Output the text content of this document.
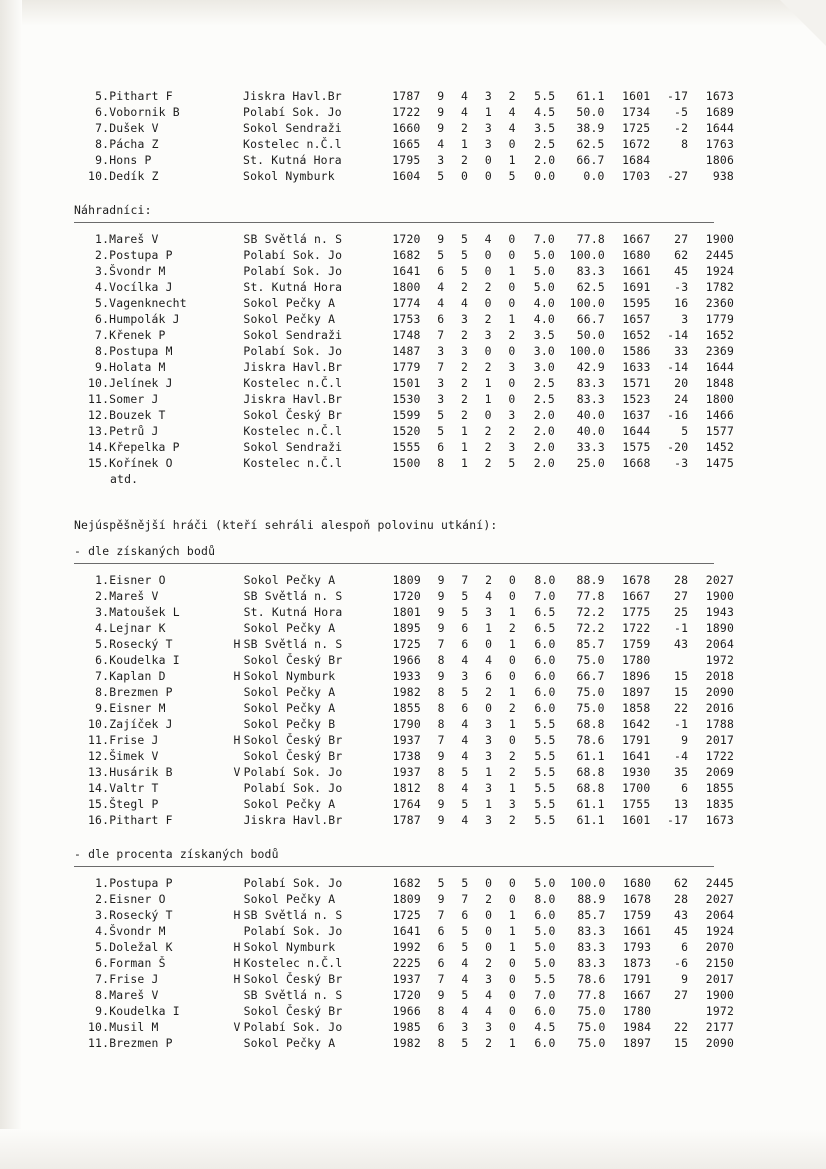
5	.	Pithart F		Jiskra Havl.Br	1787	9	4	3	2	5.5	61.1	1601	-17	1673
6	.	Vobornik B		Polabí Sok. Jo	1722	9	4	1	4	4.5	50.0	1734	-5	1689
7	.	Dušek V		Sokol Sendraži	1660	9	2	3	4	3.5	38.9	1725	-2	1644
8	.	Pácha Z		Kostelec n.Č.l	1665	4	1	3	0	2.5	62.5	1672	8	1763
9	.	Hons P		St. Kutná Hora	1795	3	2	0	1	2.0	66.7	1684		1806
10	.	Dedík Z		Sokol Nymburk	1604	5	0	0	5	0.0	0.0	1703	-27	938

Náhradníci:

1	.	Mareš V		SB Světlá n. S	1720	9	5	4	0	7.0	77.8	1667	27	1900
2	.	Postupa P		Polabí Sok. Jo	1682	5	5	0	0	5.0	100.0	1680	62	2445
3	.	Švondr M		Polabí Sok. Jo	1641	6	5	0	1	5.0	83.3	1661	45	1924
4	.	Vocílka J		St. Kutná Hora	1800	4	2	2	0	5.0	62.5	1691	-3	1782
5	.	Vagenknecht		Sokol Pečky A	1774	4	4	0	0	4.0	100.0	1595	16	2360
6	.	Humpolák J		Sokol Pečky A	1753	6	3	2	1	4.0	66.7	1657	3	1779
7	.	Křenek P		Sokol Sendraži	1748	7	2	3	2	3.5	50.0	1652	-14	1652
8	.	Postupa M		Polabí Sok. Jo	1487	3	3	0	0	3.0	100.0	1586	33	2369
9	.	Holata M		Jiskra Havl.Br	1779	7	2	2	3	3.0	42.9	1633	-14	1644
10	.	Jelínek J		Kostelec n.Č.l	1501	3	2	1	0	2.5	83.3	1571	20	1848
11	.	Somer J		Jiskra Havl.Br	1530	3	2	1	0	2.5	83.3	1523	24	1800
12	.	Bouzek T		Sokol Český Br	1599	5	2	0	3	2.0	40.0	1637	-16	1466
13	.	Petrů J		Kostelec n.Č.l	1520	5	1	2	2	2.0	40.0	1644	5	1577
14	.	Křepelka P		Sokol Sendraži	1555	6	1	2	3	2.0	33.3	1575	-20	1452
15	.	Kořínek O		Kostelec n.Č.l	1500	8	1	2	5	2.0	25.0	1668	-3	1475
atd.

Nejúspěšnější hráči (kteří sehráli alespoň polovinu utkání):

- dle získaných bodů

1	.	Eisner O		Sokol Pečky A	1809	9	7	2	0	8.0	88.9	1678	28	2027
2	.	Mareš V		SB Světlá n. S	1720	9	5	4	0	7.0	77.8	1667	27	1900
3	.	Matoušek L		St. Kutná Hora	1801	9	5	3	1	6.5	72.2	1775	25	1943
4	.	Lejnar K		Sokol Pečky A	1895	9	6	1	2	6.5	72.2	1722	-1	1890
5	.	Rosecký T	H	SB Světlá n. S	1725	7	6	0	1	6.0	85.7	1759	43	2064
6	.	Koudelka I		Sokol Český Br	1966	8	4	4	0	6.0	75.0	1780		1972
7	.	Kaplan D	H	Sokol Nymburk	1933	9	3	6	0	6.0	66.7	1896	15	2018
8	.	Brezmen P		Sokol Pečky A	1982	8	5	2	1	6.0	75.0	1897	15	2090
9	.	Eisner M		Sokol Pečky A	1855	8	6	0	2	6.0	75.0	1858	22	2016
10	.	Zajíček J		Sokol Pečky B	1790	8	4	3	1	5.5	68.8	1642	-1	1788
11	.	Frise J	H	Sokol Český Br	1937	7	4	3	0	5.5	78.6	1791	9	2017
12	.	Šimek V		Sokol Český Br	1738	9	4	3	2	5.5	61.1	1641	-4	1722
13	.	Husárik B	V	Polabí Sok. Jo	1937	8	5	1	2	5.5	68.8	1930	35	2069
14	.	Valtr T		Polabí Sok. Jo	1812	8	4	3	1	5.5	68.8	1700	6	1855
15	.	Štegl P		Sokol Pečky A	1764	9	5	1	3	5.5	61.1	1755	13	1835
16	.	Pithart F		Jiskra Havl.Br	1787	9	4	3	2	5.5	61.1	1601	-17	1673

- dle procenta získaných bodů

1	.	Postupa P		Polabí Sok. Jo	1682	5	5	0	0	5.0	100.0	1680	62	2445
2	.	Eisner O		Sokol Pečky A	1809	9	7	2	0	8.0	88.9	1678	28	2027
3	.	Rosecký T	H	SB Světlá n. S	1725	7	6	0	1	6.0	85.7	1759	43	2064
4	.	Švondr M		Polabí Sok. Jo	1641	6	5	0	1	5.0	83.3	1661	45	1924
5	.	Doležal K	H	Sokol Nymburk	1992	6	5	0	1	5.0	83.3	1793	6	2070
6	.	Forman Š	H	Kostelec n.Č.l	2225	6	4	2	0	5.0	83.3	1873	-6	2150
7	.	Frise J	H	Sokol Český Br	1937	7	4	3	0	5.5	78.6	1791	9	2017
8	.	Mareš V		SB Světlá n. S	1720	9	5	4	0	7.0	77.8	1667	27	1900
9	.	Koudelka I		Sokol Český Br	1966	8	4	4	0	6.0	75.0	1780		1972
10	.	Musil M	V	Polabí Sok. Jo	1985	6	3	3	0	4.5	75.0	1984	22	2177
11	.	Brezmen P		Sokol Pečky A	1982	8	5	2	1	6.0	75.0	1897	15	2090
